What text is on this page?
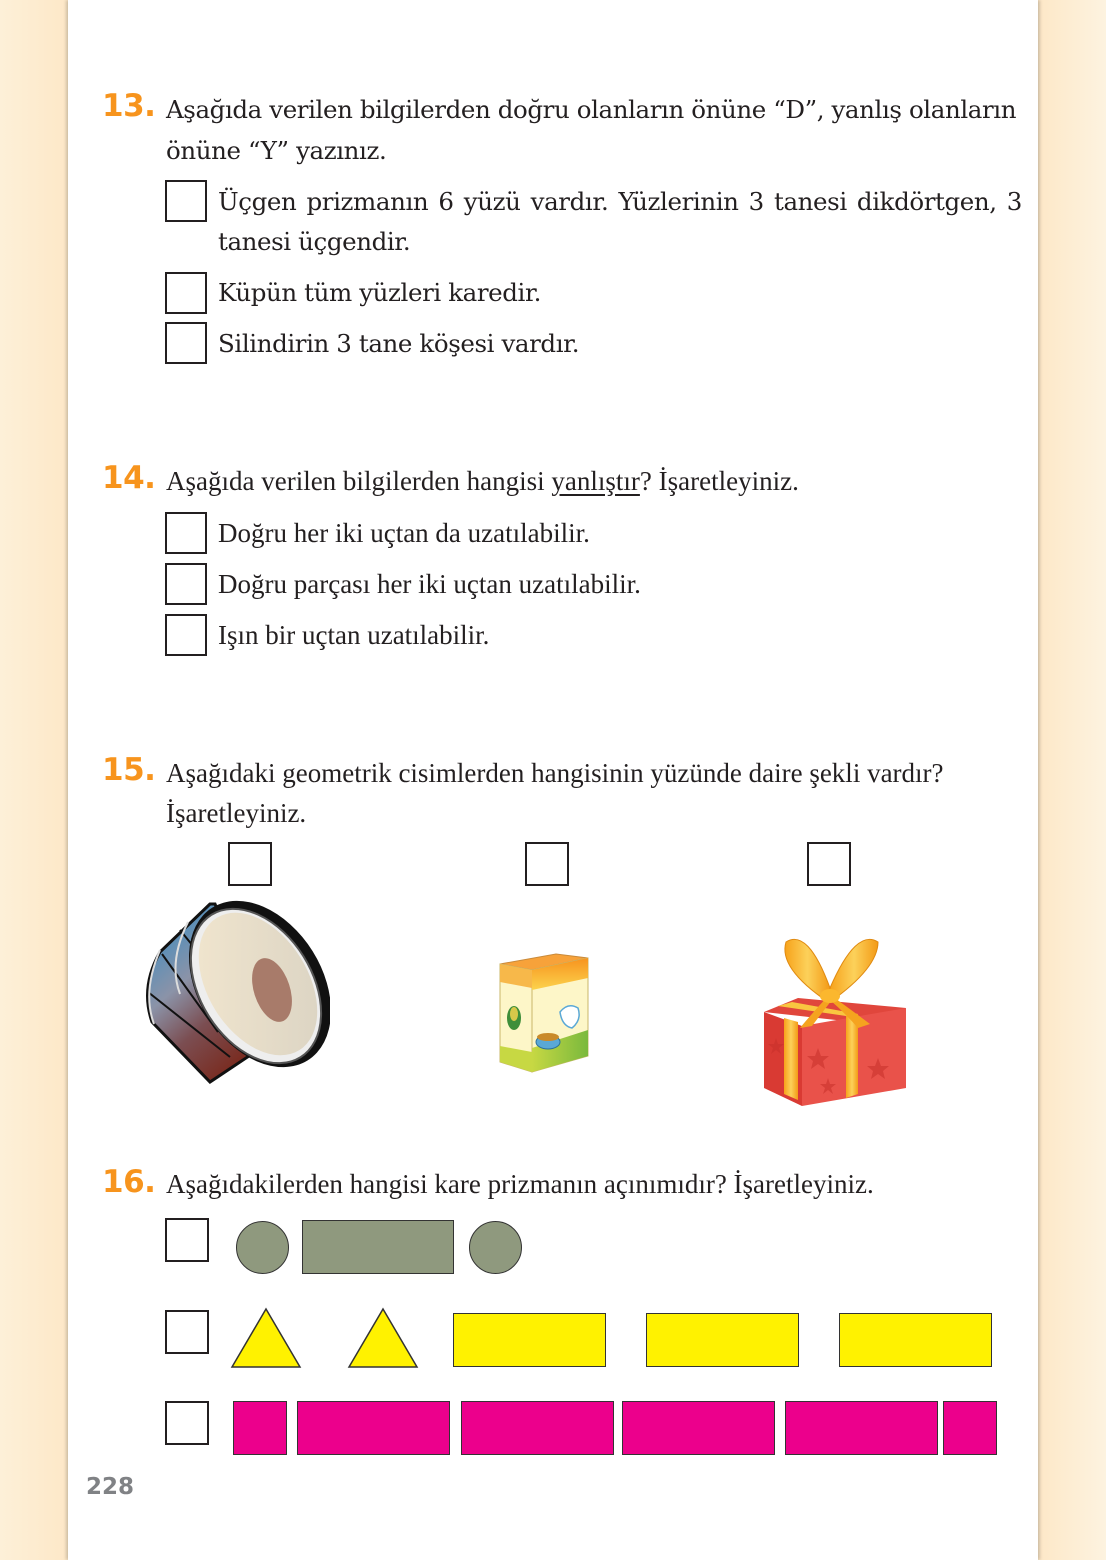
13. Aşağıda verilen bilgilerden doğru olanların önüne “D”, yanlış olanların
önüne “Y” yazınız.
Üçgen prizmanın 6 yüzü vardır. Yüzlerinin 3 tanesi dikdörtgen, 3
tanesi üçgendir.
Küpün tüm yüzleri karedir.
Silindirin 3 tane köşesi vardır.
14. Aşağıda verilen bilgilerden hangisi yanlıştır? İşaretleyiniz.
Doğru her iki uçtan da uzatılabilir.
Doğru parçası her iki uçtan uzatılabilir.
Işın bir uçtan uzatılabilir.
15. Aşağıdaki geometrik cisimlerden hangisinin yüzünde daire şekli vardır?
İşaretleyiniz.
16. Aşağıdakilerden hangisi kare prizmanın açınımıdır? İşaretleyiniz.
228
